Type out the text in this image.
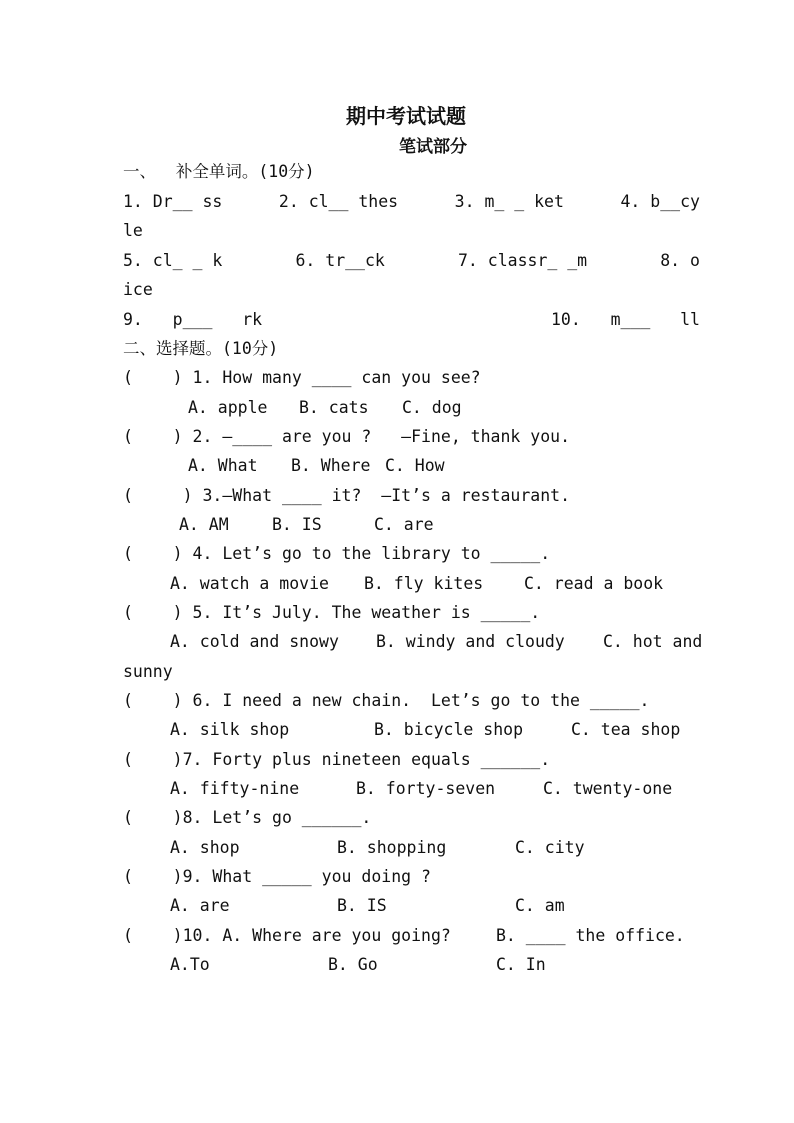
期中考试试题
笔试部分
一、  补全单词。(10分)
1. Dr__ ss	2. cl__ thes	3. m_ _ ket	4. b__cy
le
5. cl_ _ k	6. tr__ck	7. classr_ _m	8. o
ice
9.   p___   rk	10.   m___   ll
二、选择题。(10分)
(    ) 1. How many ____ can you see?
A. apple B. cats C. dog
(    ) 2. —____ are you ?   —Fine, thank you.
A. What B. Where C. How
(     ) 3.—What ____ it?  —It’s a restaurant.
A. AM	B. IS	C. are
(    ) 4. Let’s go to the library to _____.
A. watch a movie B. fly kites C. read a book
(    ) 5. It’s July. The weather is _____.
A. cold and snowy B. windy and cloudy C. hot and
sunny
(    ) 6. I need a new chain.  Let’s go to the _____.
A. silk shop	B. bicycle shop	C. tea shop
(    )7. Forty plus nineteen equals ______.
A. fifty-nine	B. forty-seven	C. twenty-one
(    )8. Let’s go ______.
A. shop	B. shopping	C. city
(    )9. What _____ you doing ?
A. are	B. IS	C. am
(    )10. A. Where are you going?	B. ____ the office.
A.To	B. Go	C. In
